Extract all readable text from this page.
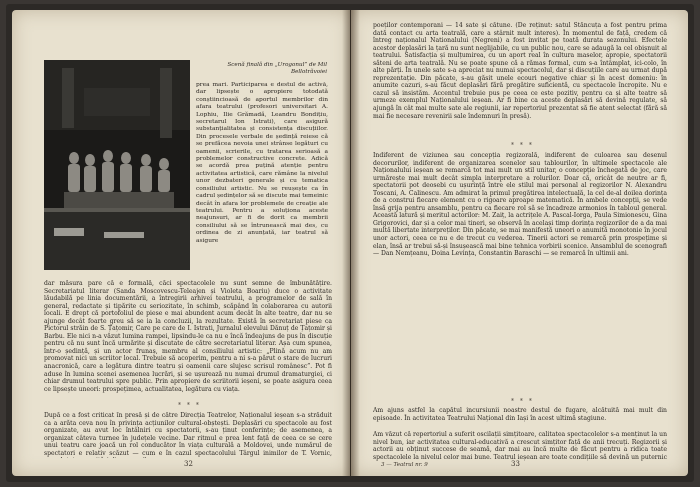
Scenă finală din „Urogonul” de Mil Bellotrăvoiei
prea mari. Participarea e destul de activă, dar lipsește o apropiere totodată conștiincioasă de aportul membrilor din afara teatrului (profesori universitari A. Lophiu, Ilie Grămadă, Leandru Bondițiu, secretarul Ion Istrati), care asigură substanțialitatea și consistența discuțiilor. Din procesele verbale de ședință reiese că se prefăcea nevoia unei strânse legături cu oamenii, scrierile, cu tratarea serioasă a problemelor constructive concrete. Adică se acordă prea puțină atenție pentru activitatea artistică, care rămâne la nivelul unor dezbateri generale și cu tematica consiliului artistic. Nu se reușește ca în cadrul ședințelor să se discute mai temeinic decât în afara lor problemele de creație ale teatrului. Pentru a soluționa aceste neajunsuri, ar fi de dorit ca membrii consiliului să se întrunească mai des, cu ordinea de zi anunțată, iar teatrul să asigure
dar măsura pare că e formală, căci spectacolele nu sunt semne de îmbunătățire. Secretariatul literar (Sanda Moscovescu-Teleajen și Violeta Boariu) duce o activitate lăudabilă pe linia documentării, a întregirii arhivei teatrului, a programelor de sală în general, redactate și tipărite cu seriozitate, în schimb, scăpând în colaborarea cu autorii locali. E drept că portofoliul de piese e mai abundent acum decât în alte teatre, dar nu se ajunge decât foarte greu să se ia la concluzii, la rezultate. Există în secretariat piese ca Pictorul străin de S. Țațomir, Care pe care de I. Istrati, Jurnalul elevului Dănuț de Țațomir și Barbu. Ele nici n-a văzut lumina rampei, lipsindu-le ca nu e încă îndeajuns de pus în discuție pentru că nu sunt încă urmărite și discutate de către secretariatul literar. Așa cum spunea, într-o ședință, și un actor frunaș, membru al consiliului artistic: „Plină acum nu am promovat nici un scriitor local. Trebuie să acoperim, pentru a ni s-a părut o stare de lucruri anacronică, care a legătura dintre teatru și oamenii care slujesc scrisul românesc”. Pot fi aduse în lumina scenei asemenea lucrări, și se ușurează nu numai drumul dramaturgiei, ci chiar drumul teatrului spre public. Prin apropiere de scriitorii ieșeni, se poate asigura ceea ce lipsește uneori: prospețimea, actualitatea, legătura cu viața.
* * *
După ce a fost criticat în presă și de către Direcția Teatrelor, Naționalul ieșean s-a străduit ca a arăta ceva nou în privința acțiunilor cultural-obștești. Deplasări cu spectacole au fost organizate, au avut loc întâlniri cu spectatorii, s-au ținut conferințe; de asemenea, a organizat câteva turnee în județele vecine. Dar ritmul e prea lent față de ceea ce se cere unui teatru care joacă un rol conducător în viața culturală a Moldovei, unde numărul de spectatori e relativ scăzut — cum e în cazul spectacolului Târgul inimilor de T. Vornic,
32
poeților contemporani — 14 sate și cătune. (De reținut: satul Stăncuța a fost pentru prima dată contact cu arta teatrală, care a stârnit mult interes). În momentul de față, credem că întreg naționalul Nationalului (Negreni) a fost invitat pe toată durata sezonului. Efectele acestor deplasări la țară nu sunt neglijabile, cu un public nou, care se adaugă la cel obișnuit al teatrului. Satisfacția și mulțumirea, cu un aport real în cultura maselor, apropie, spectatorii săteni de arta teatrală. Nu se poate spune că a rămas formal, cum s-a întâmplat, ici-colo, în alte părți. În unele sate s-a apreciat nu numai spectacolul, dar și discuțiile care au urmat după reprezentație. Din păcate, s-au găsit unele ecouri negative chiar și în acest domeniu: în anumite cazuri, s-au făcut deplasări fără pregătire suficientă, cu spectacole încropite. Nu e cazul să insistăm. Accentul trebuie pus pe ceea ce este pozitiv, pentru ca și alte teatre să urmeze exemplul Naționalului ieșean. Ar fi bine ca aceste deplasări să devină regulate, să ajungă în cât mai multe sate ale regiunii, iar repertoriul prezentat să fie atent selectat (fără să mai fie necesare revenirii sale îndemnuri în presă).
* * *
Indiferent de viziunea sau concepția regizorală, indiferent de culoarea sau desenul decorurilor, indiferent de organizarea scenelor sau tablourilor, în ultimele spectacole ale Naționalului ieșean se remarcă tot mai mult un stil unitar, o concepție închegată de joc, care urmărește mai mult decât simpla interpretare a rolurilor. Doar că, oricât de neutre ar fi, spectatorii pot deosebi cu ușurință între ele stilul mai personal al regizorilor N. Alexandru Toscani, A. Calinescu. Am admirat la primul pregătirea intelectuală, la cel de-al doilea dorința de a construi fiecare element cu o rigoare aproape matematică. În ambele concepții, se vede însă grija pentru ansamblu, pentru ca fiecare rol să se încadreze armonios în tabloul general. Această latură și meritul actorilor: M. Zaiț, la actrițele A. Pascal-Iorga, Paula Simionescu, Gina Grigorovici, dar și a celor mai tineri, se observă în același timp dorința regizorilor de a da mai multă libertate interpreților. Din păcate, se mai manifestă uneori o anumită monotonie în jocul unor actori, ceea ce nu e de trecut cu vederea. Tinerii actori se remarcă prin prospețime și elan, însă ar trebui să-și însușească mai bine tehnica vorbirii scenice. Ansamblul de scenografi — Dan Nemțeanu, Doina Levința, Constantin Baraschi — se remarcă în ultimii ani.
* * *
Am ajuns astfel la capătul incursiunii noastre destul de fugare, alcătuită mai mult din episoade. În activitatea Teatrului Național din Iași în acest ultimă stagiune.
Am văzut că repertoriul a suferit oscilații simțitoare, calitatea spectacolelor s-a menținut la un nivel bun, iar activitatea cultural-educativă a crescut simțitor față de anii trecuți. Regizorii și actorii au obținut succese de seamă, dar mai au încă multe de făcut pentru a ridica toate spectacolele la nivelul celor mai bune. Teatrul ieșean are toate condițiile să devină un puternic
3 — Teatrul nr. 9	33
